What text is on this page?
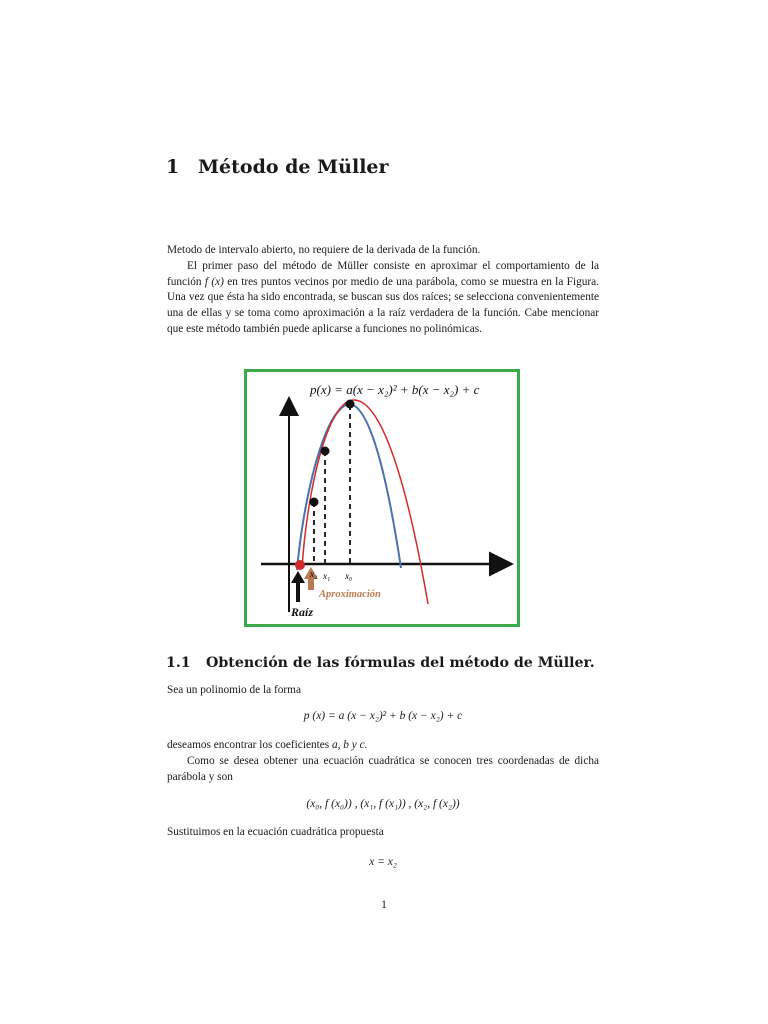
1 Método de Müller

Metodo de intervalo abierto, no requiere de la derivada de la función.

El primer paso del método de Müller consiste en aproximar el comportamiento de la función f (x) en tres puntos vecinos por medio de una parábola, como se muestra en la Figura. Una vez que ésta ha sido encontrada, se buscan sus dos raíces; se selecciona convenientemente una de ellas y se toma como aproximación a la raíz verdadera de la función. Cabe mencionar que este método también puede aplicarse a funciones no polinómicas.

x₂ x₁ x₀
Aproximación
Raíz
p(x) = a(x − x₂)² + b(x − x₂) + c
1.1 Obtención de las fórmulas del método de Müller.

Sea un polinomio de la forma

p (x) = a (x − x₂)² + b (x − x₂) + c

deseamos encontrar los coeficientes a, b y c.

Como se desea obtener una ecuación cuadrática se conocen tres coordenadas de dicha parábola y son

(x₀, f (x₀)) , (x₁, f (x₁)) , (x₂, f (x₂))

Sustituimos en la ecuación cuadrática propuesta

x = x₂
1
